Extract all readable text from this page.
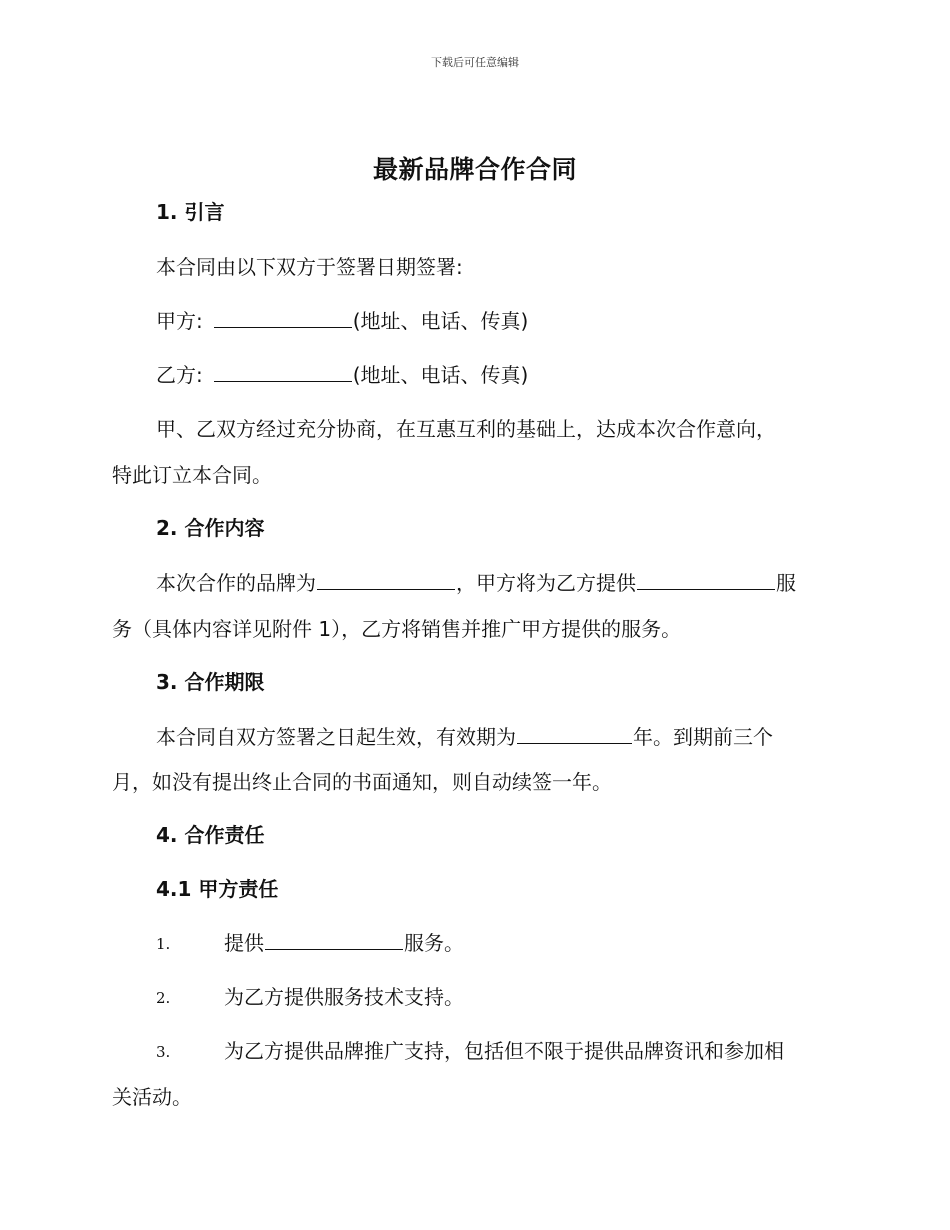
下载后可任意编辑
最新品牌合作合同
1. 引言
本合同由以下双方于签署日期签署:
甲方:	(地址、电话、传真)
乙方:	(地址、电话、传真)
甲、乙双方经过充分协商，在互惠互利的基础上，达成本次合作意向，
特此订立本合同。
2. 合作内容
本次合作的品牌为	，甲方将为乙方提供	服
务（具体内容详见附件 1），乙方将销售并推广甲方提供的服务。
3. 合作期限
本合同自双方签署之日起生效，有效期为	年。到期前三个
月，如没有提出终止合同的书面通知，则自动续签一年。
4. 合作责任
4.1 甲方责任
1.	提供	服务。
2.	为乙方提供服务技术支持。
3.	为乙方提供品牌推广支持，包括但不限于提供品牌资讯和参加相
关活动。
